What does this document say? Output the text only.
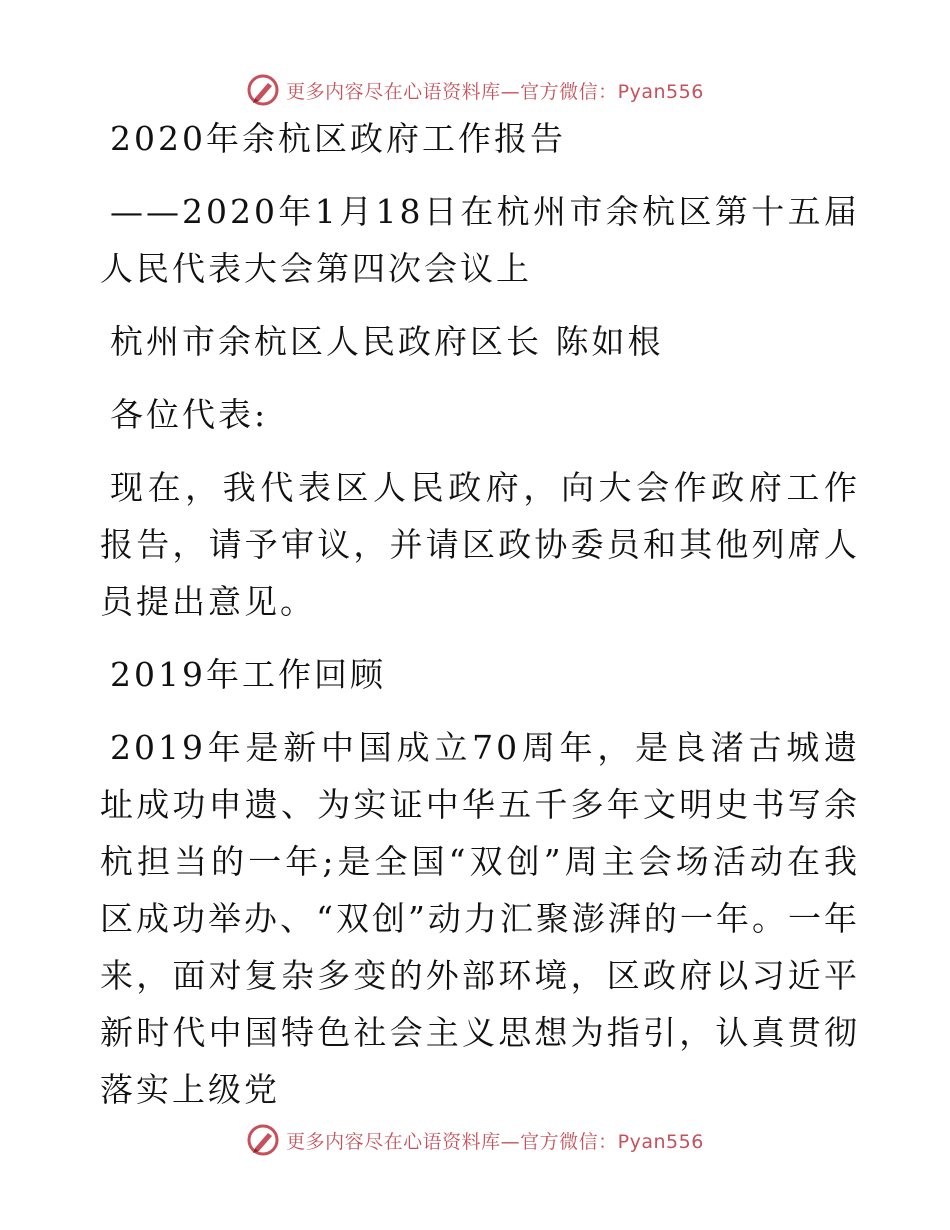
更多内容尽在心语资料库—官方微信：Pyan556

2020年余杭区政府工作报告

——2020年1月18日在杭州市余杭区第十五届人民代表大会第四次会议上

杭州市余杭区人民政府区长 陈如根

各位代表:

现在，我代表区人民政府，向大会作政府工作报告，请予审议，并请区政协委员和其他列席人员提出意见。

2019年工作回顾

2019年是新中国成立70周年，是良渚古城遗址成功申遗、为实证中华五千多年文明史书写余杭担当的一年;是全国“双创”周主会场活动在我区成功举办、“双创”动力汇聚澎湃的一年。一年来，面对复杂多变的外部环境，区政府以习近平新时代中国特色社会主义思想为指引，认真贯彻落实上级党

更多内容尽在心语资料库—官方微信：Pyan556
